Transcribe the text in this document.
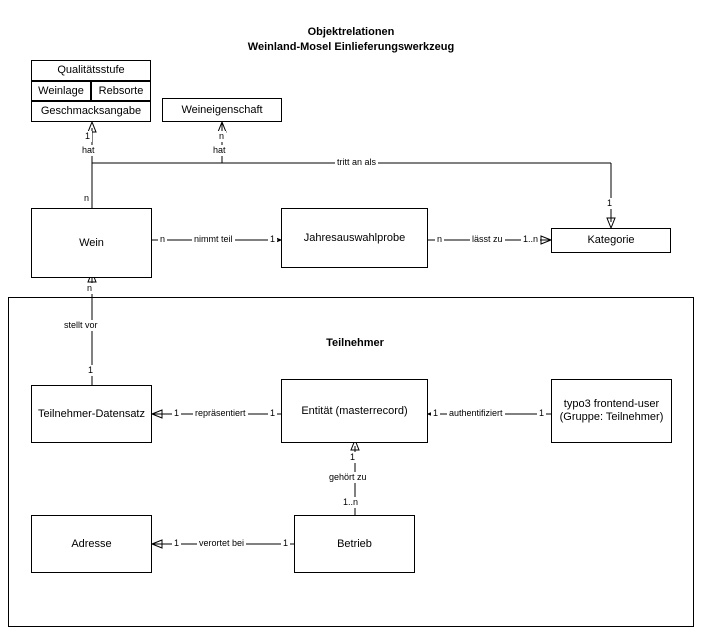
Objektrelationen
Weinland-Mosel Einlieferungswerkzeug
Teilnehmer
Qualitätsstufe
Weinlage	Rebsorte
Geschmacksangabe	Weineigenschaft
Wein	Jahresauswahlprobe	Kategorie
Teilnehmer-Datensatz	Entität (masterrecord)
typo3 frontend-user
(Gruppe: Teilnehmer)
Adresse	Betrieb
hat	hat
tritt an als
nimmt teil	lässt zu
stellt vor
repräsentiert	authentifiziert
gehört zu
verortet bei
1
n
n
1
n	1	n	1..n
n
1
1	1	1	1
1
1..n
1	1
